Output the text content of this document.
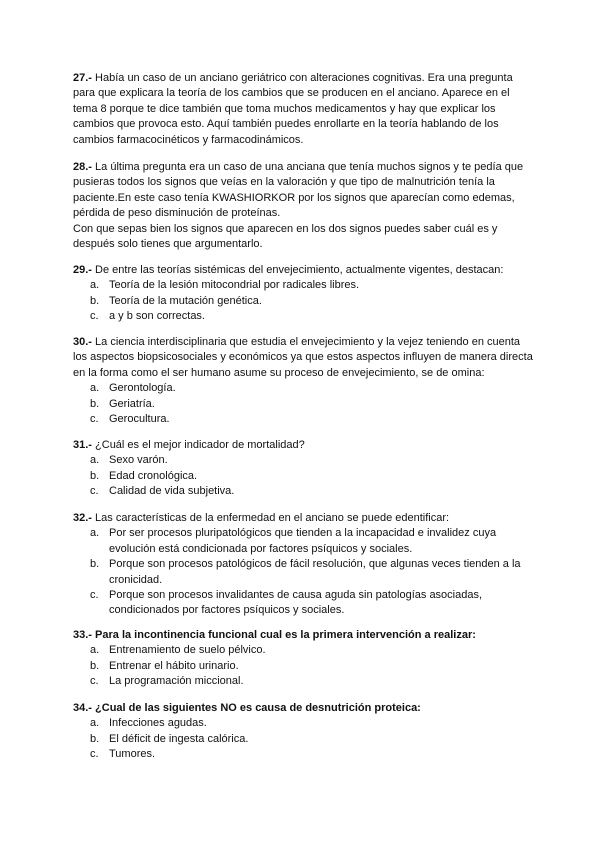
27.- Había un caso de un anciano geriátrico con alteraciones cognitivas. Era una pregunta para que explicara la teoría de los cambios que se producen en el anciano. Aparece en el tema 8 porque te dice también que toma muchos medicamentos y hay que explicar los cambios que provoca esto. Aquí también puedes enrollarte en la teoría hablando de los cambios farmacocinéticos y farmacodinámicos.

28.- La última pregunta era un caso de una anciana que tenía muchos signos y te pedía que pusieras todos los signos que veías en la valoración y que tipo de malnutrición tenía la paciente.En este caso tenía KWASHIORKOR por los signos que aparecían como edemas, pérdida de peso disminución de proteínas.

Con que sepas bien los signos que aparecen en los dos signos puedes saber cuál es y después solo tienes que argumentarlo.

29.- De entre las teorías sistémicas del envejecimiento, actualmente vigentes, destacan:

a. Teoría de la lesión mitocondrial por radicales libres.
b. Teoría de la mutación genética.
c. a y b son correctas.

30.- La ciencia interdisciplinaria que estudia el envejecimiento y la vejez teniendo en cuenta los aspectos biopsicosociales y económicos ya que estos aspectos influyen de manera directa en la forma como el ser humano asume su proceso de envejecimiento, se de omina:

a. Gerontología.
b. Geriatría.
c. Gerocultura.

31.- ¿Cuál es el mejor indicador de mortalidad?

a. Sexo varón.
b. Edad cronológica.
c. Calidad de vida subjetiva.

32.- Las características de la enfermedad en el anciano se puede edentificar:

a. Por ser procesos pluripatológicos que tienden a la incapacidad e invalidez cuya evolución está condicionada por factores psíquicos y sociales.
b. Porque son procesos patológicos de fácil resolución, que algunas veces tienden a la cronicidad.
c. Porque son procesos invalidantes de causa aguda sin patologías asociadas, condicionados por factores psíquicos y sociales.

33.- Para la incontinencia funcional cual es la primera intervención a realizar:

a. Entrenamiento de suelo pélvico.
b. Entrenar el hábito urinario.
c. La programación miccional.

34.- ¿Cual de las siguientes NO es causa de desnutrición proteica:

a. Infecciones agudas.
b. El déficit de ingesta calórica.
c. Tumores.
